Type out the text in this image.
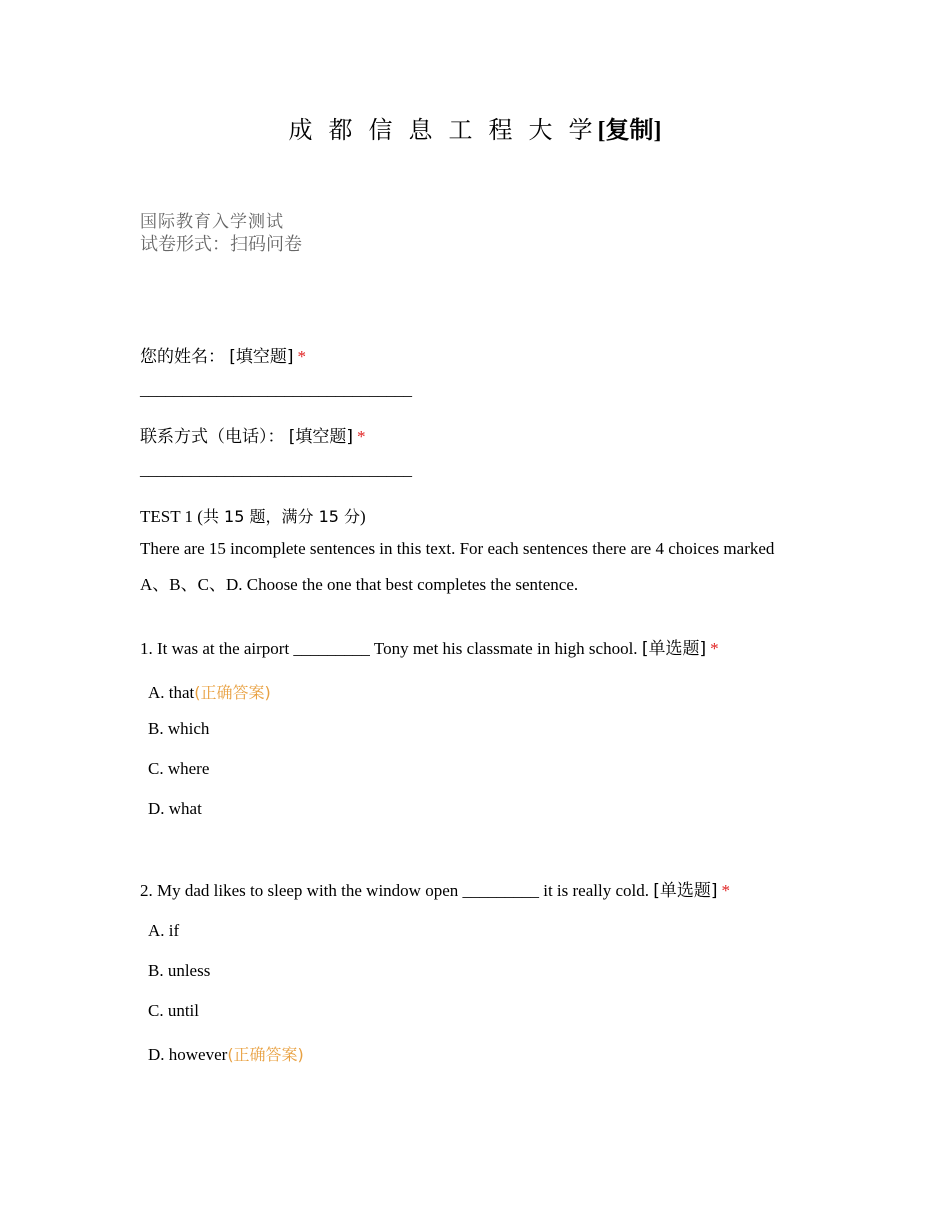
成 都 信 息 工 程 大 学[复制]
国际教育入学测试
试卷形式：扫码问卷
您的姓名： [填空题] *
________________________________
联系方式（电话）： [填空题] *
________________________________
TEST 1 (共 15 题，满分 15 分)
There are 15 incomplete sentences in this text. For each sentences there are 4 choices marked A、B、C、D. Choose the one that best completes the sentence.
1. It was at the airport _________ Tony met his classmate in high school. [单选题] *
A. that(正确答案)
B. which
C. where
D. what
2. My dad likes to sleep with the window open _________ it is really cold. [单选题] *
A. if
B. unless
C. until
D. however(正确答案)
